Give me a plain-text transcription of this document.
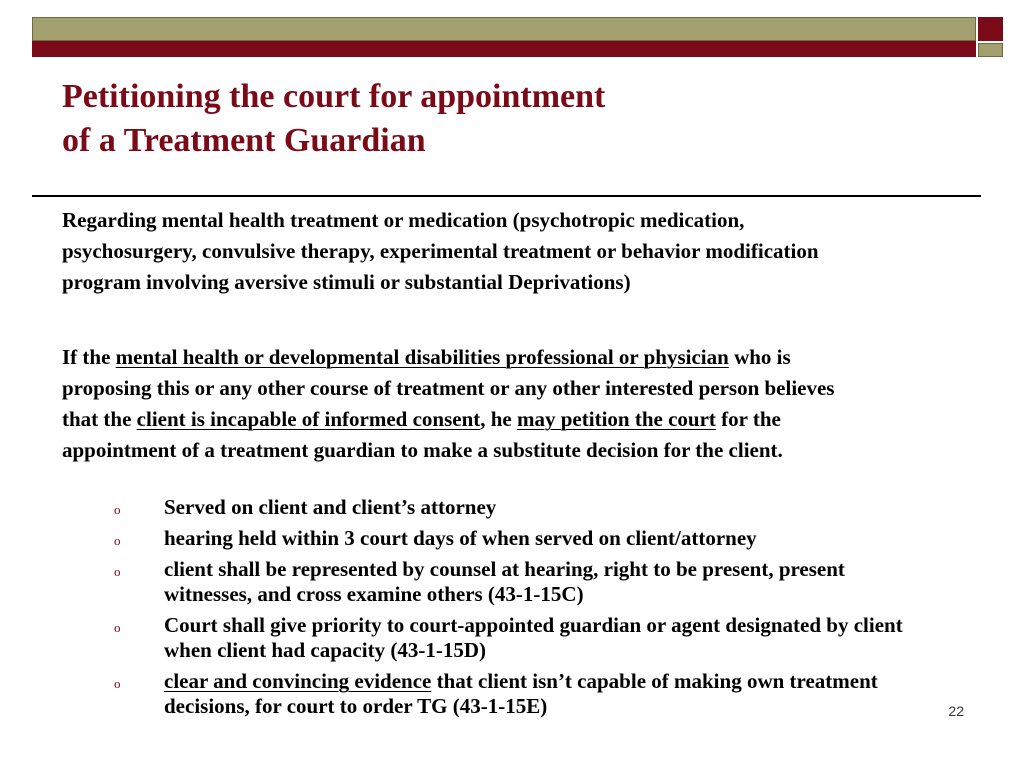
Petitioning the court for appointment
of a Treatment Guardian

Regarding mental health treatment or medication (psychotropic medication, psychosurgery, convulsive therapy, experimental treatment or behavior modification program involving aversive stimuli or substantial Deprivations)

If the mental health or developmental disabilities professional or physician who is proposing this or any other course of treatment or any other interested person believes that the client is incapable of informed consent, he may petition the court for the appointment of a treatment guardian to make a substitute decision for the client.

o Served on client and client’s attorney
o hearing held within 3 court days of when served on client/attorney
o client shall be represented by counsel at hearing, right to be present, present witnesses, and cross examine others (43-1-15C)
o Court shall give priority to court-appointed guardian or agent designated by client when client had capacity (43-1-15D)
o clear and convincing evidence that client isn’t capable of making own treatment decisions, for court to order TG (43-1-15E)	22
